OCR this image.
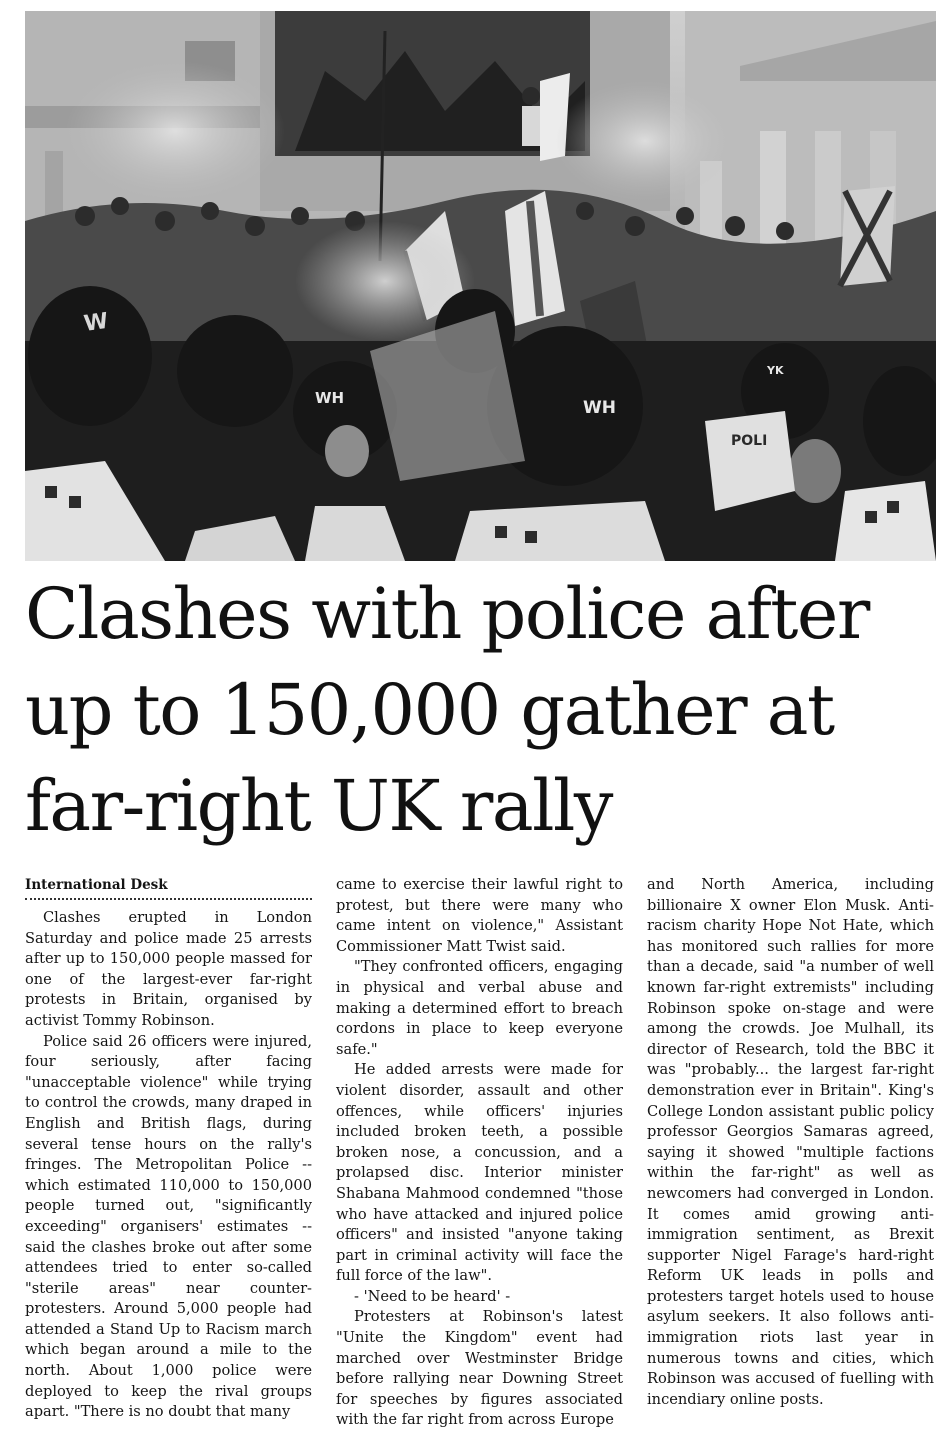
WH	WH
YK
W
POLI
Clashes with police after
up to 150,000 gather at
far-right UK rally
International Desk

Clashes erupted in London Saturday and police made 25 arrests after up to 150,000 people massed for one of the largest-ever far-right protests in Britain, organised by activist Tommy Robinson.

Police said 26 officers were injured, four seriously, after facing "unacceptable violence" while trying to control the crowds, many draped in English and British flags, during several tense hours on the rally's fringes. The Metropolitan Police -- which estimated 110,000 to 150,000 people turned out, "significantly exceeding" organisers' estimates -- said the clashes broke out after some attendees tried to enter so-called "sterile areas" near counter-protesters. Around 5,000 people had attended a Stand Up to Racism march which began around a mile to the north. About 1,000 police were deployed to keep the rival groups apart. "There is no doubt that many

came to exercise their lawful right to protest, but there were many who came intent on violence," Assistant Commissioner Matt Twist said.

"They confronted officers, engaging in physical and verbal abuse and making a determined effort to breach cordons in place to keep everyone safe."

He added arrests were made for violent disorder, assault and other offences, while officers' injuries included broken teeth, a possible broken nose, a concussion, and a prolapsed disc. Interior minister Shabana Mahmood condemned "those who have attacked and injured police officers" and insisted "anyone taking part in criminal activity will face the full force of the law".

- 'Need to be heard' -

Protesters at Robinson's latest "Unite the Kingdom" event had marched over Westminster Bridge before rallying near Downing Street for speeches by figures associated with the far right from across Europe

and North America, including billionaire X owner Elon Musk. Anti-racism charity Hope Not Hate, which has monitored such rallies for more than a decade, said "a number of well known far-right extremists" including Robinson spoke on-stage and were among the crowds. Joe Mulhall, its director of Research, told the BBC it was "probably... the largest far-right demonstration ever in Britain". King's College London assistant public policy professor Georgios Samaras agreed, saying it showed "multiple factions within the far-right" as well as newcomers had converged in London. It comes amid growing anti-immigration sentiment, as Brexit supporter Nigel Farage's hard-right Reform UK leads in polls and protesters target hotels used to house asylum seekers. It also follows anti-immigration riots last year in numerous towns and cities, which Robinson was accused of fuelling with incendiary online posts.
